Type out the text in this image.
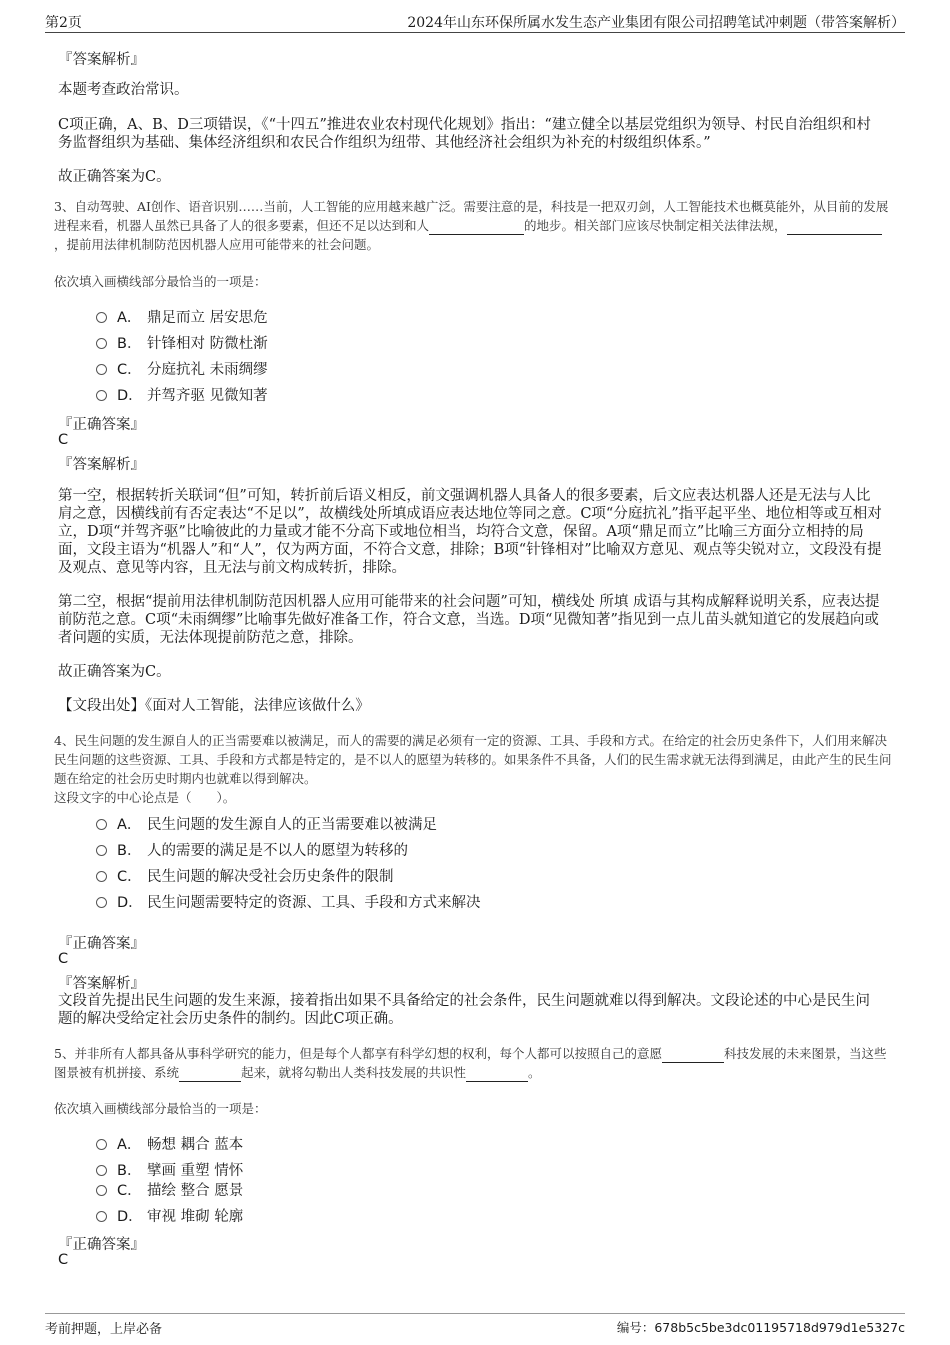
第2页	2024年山东环保所属水发生态产业集团有限公司招聘笔试冲刺题（带答案解析）
『答案解析』
本题考查政治常识。
C项正确，A、B、D三项错误，《“十四五”推进农业农村现代化规划》指出：“建立健全以基层党组织为领导、村民自治组织和村务监督组织为基础、集体经济组织和农民合作组织为纽带、其他经济社会组织为补充的村级组织体系。”
故正确答案为C。
3、自动驾驶、AI创作、语音识别……当前，人工智能的应用越来越广泛。需要注意的是，科技是一把双刃剑，人工智能技术也概莫能外，从目前的发展进程来看，机器人虽然已具备了人的很多要素，但还不足以达到和人	的地步。相关部门应该尽快制定相关法律法规，，提前用法律机制防范因机器人应用可能带来的社会问题。
依次填入画横线部分最恰当的一项是：
A． 鼎足而立 居安思危
B． 针锋相对 防微杜渐
C． 分庭抗礼 未雨绸缪
D． 并驾齐驱 见微知著
『正确答案』
C
『答案解析』
第一空，根据转折关联词“但”可知，转折前后语义相反，前文强调机器人具备人的很多要素，后文应表达机器人还是无法与人比肩之意，因横线前有否定表达“不足以”，故横线处所填成语应表达地位等同之意。C项“分庭抗礼”指平起平坐、地位相等或互相对立，D项“并驾齐驱”比喻彼此的力量或才能不分高下或地位相当，均符合文意，保留。A项“鼎足而立”比喻三方面分立相持的局面，文段主语为“机器人”和“人”，仅为两方面，不符合文意，排除；B项“针锋相对”比喻双方意见、观点等尖锐对立，文段没有提及观点、意见等内容，且无法与前文构成转折，排除。
第二空，根据“提前用法律机制防范因机器人应用可能带来的社会问题”可知，横线处 所填 成语与其构成解释说明关系，应表达提前防范之意。C项“未雨绸缪”比喻事先做好准备工作，符合文意，当选。D项“见微知著”指见到一点儿苗头就知道它的发展趋向或者问题的实质，无法体现提前防范之意，排除。
故正确答案为C。
【文段出处】《面对人工智能，法律应该做什么》
4、民生问题的发生源自人的正当需要难以被满足，而人的需要的满足必须有一定的资源、工具、手段和方式。在给定的社会历史条件下，人们用来解决民生问题的这些资源、工具、手段和方式都是特定的，是不以人的愿望为转移的。如果条件不具备，人们的民生需求就无法得到满足，由此产生的民生问题在给定的社会历史时期内也就难以得到解决。
这段文字的中心论点是（　　）。
A． 民生问题的发生源自人的正当需要难以被满足
B． 人的需要的满足是不以人的愿望为转移的
C． 民生问题的解决受社会历史条件的限制
D． 民生问题需要特定的资源、工具、手段和方式来解决
『正确答案』
C
『答案解析』
文段首先提出民生问题的发生来源，接着指出如果不具备给定的社会条件，民生问题就难以得到解决。文段论述的中心是民生问题的解决受给定社会历史条件的制约。因此C项正确。
5、并非所有人都具备从事科学研究的能力，但是每个人都享有科学幻想的权利，每个人都可以按照自己的意愿	科技发展的未来图景，当这些图景被有机拼接、系统	起来，就将勾勒出人类科技发展的共识性	。
依次填入画横线部分最恰当的一项是：
A． 畅想 耦合 蓝本
B． 擘画 重塑 情怀
C． 描绘 整合 愿景
D． 审视 堆砌 轮廓
『正确答案』
C
考前押题，上岸必备	编号：678b5c5be3dc01195718d979d1e5327c
